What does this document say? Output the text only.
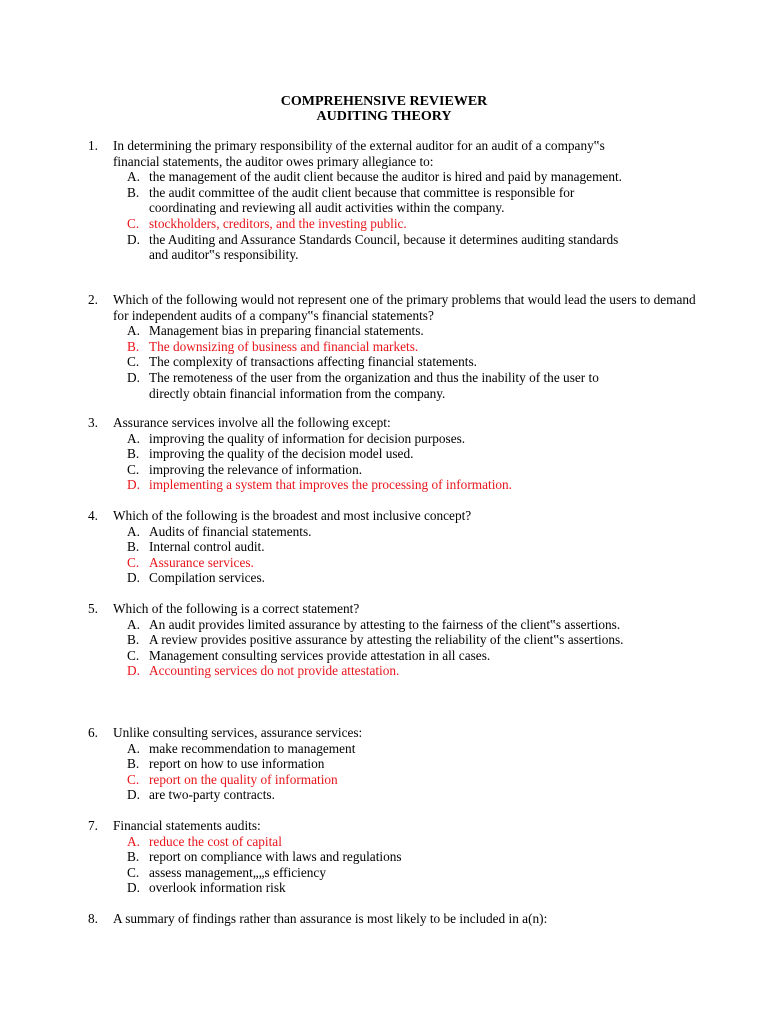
COMPREHENSIVE REVIEWER
AUDITING THEORY
1.	In determining the primary responsibility of the external auditor for an audit of a company‟s financial statements, the auditor owes primary allegiance to:
A. the management of the audit client because the auditor is hired and paid by management.
B. the audit committee of the audit client because that committee is responsible for coordinating and reviewing all audit activities within the company.
C. stockholders, creditors, and the investing public.
D. the Auditing and Assurance Standards Council, because it determines auditing standards and auditor‟s responsibility.
2.	Which of the following would not represent one of the primary problems that would lead the users to demand for independent audits of a company‟s financial statements?
A. Management bias in preparing financial statements.
B. The downsizing of business and financial markets.
C. The complexity of transactions affecting financial statements.
D. The remoteness of the user from the organization and thus the inability of the user to directly obtain financial information from the company.
3.	Assurance services involve all the following except:
A. improving the quality of information for decision purposes.
B. improving the quality of the decision model used.
C. improving the relevance of information.
D. implementing a system that improves the processing of information.
4.	Which of the following is the broadest and most inclusive concept?
A. Audits of financial statements.
B. Internal control audit.
C. Assurance services.
D. Compilation services.
5.	Which of the following is a correct statement?
A. An audit provides limited assurance by attesting to the fairness of the client‟s assertions.
B. A review provides positive assurance by attesting the reliability of the client‟s assertions.
C. Management consulting services provide attestation in all cases.
D. Accounting services do not provide attestation.
6.	Unlike consulting services, assurance services:
A. make recommendation to management
B. report on how to use information
C. report on the quality of information
D. are two-party contracts.
7.	Financial statements audits:
A. reduce the cost of capital
B. report on compliance with laws and regulations
C. assess management„„s efficiency
D. overlook information risk
8.	A summary of findings rather than assurance is most likely to be included in a(n):
